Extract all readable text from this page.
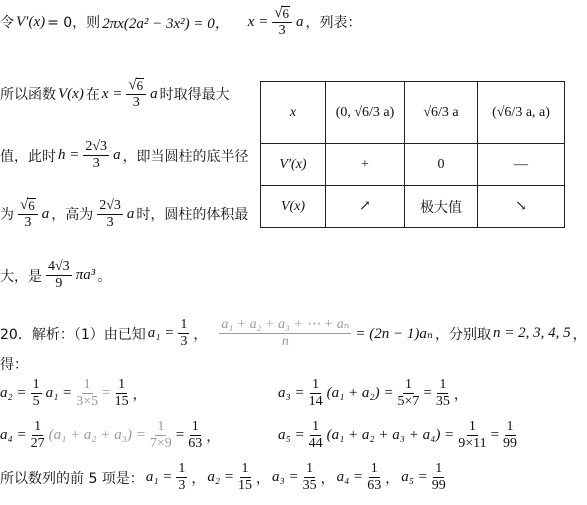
令 V′(x) = 0，则 2πx(2a² − 3x²) = 0， $x = \frac{√ 6}{3}$ a ，列表：
所以函数 V(x) 在 $x = \frac{√ 6}{3}$ a 时取得最大
值，此时 $h = \frac{2√3}{3}$ a ，即当圆柱的底半径
为 $\frac{√ 6}{3}$ a ，高为 $\frac{2√3}{3}$ a 时，圆柱的体积最
大，是 $\frac{4√3}{9} \pi a^3$ 。
x	(0, √6/3 a)	√6/3 a	(√6/3 a, a)
V′(x)	+	0	—
V(x)	↗	极大值	↘
20．解析：（1）由已知 $a_1 = \frac{1}{3}$ ， $\frac{\text{a₁ + a₂ + a₃ + ⋯ + aₙ}}{n} = (2n - 1)a_n$ ，分别取 n = 2, 3, 4, 5 ，
得：
$a_2 = \frac{1}{5} a_1 = \frac{1}{3\times 5} = \frac{1}{15}$ ，	$a_3 = \frac{1}{14} (a_1 + a_2) = \frac{1}{5\times 7} = \frac{1}{35}$ ，
$a_4 = \frac{1}{27} (a_1 + a_2 + a_3) = \frac{1}{7\times 9} = \frac{1}{63}$ ，	$a_5 = \frac{1}{44} (a_1 + a_2 + a_3 + a_4) = \frac{1}{9\times 11} = \frac{1}{99}$
所以数列的前 5 项是： $a_1 = \frac{1}{3}$ ， $a_2 = \frac{1}{15}$ ， $a_3 = \frac{1}{35}$ ， $a_4 = \frac{1}{63}$ ， $a_5 = \frac{1}{99}$
